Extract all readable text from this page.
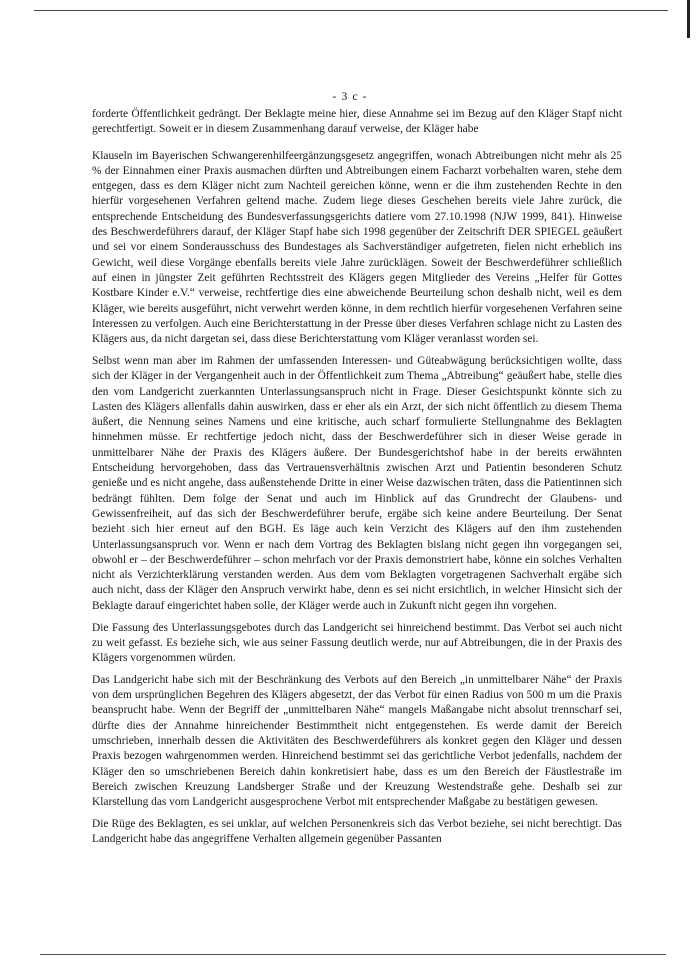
- 3 c -

forderte Öffentlichkeit gedrängt. Der Beklagte meine hier, diese Annahme sei im Bezug auf den Kläger Stapf nicht gerechtfertigt. Soweit er in diesem Zusammenhang darauf verweise, der Kläger habe

Klauseln im Bayerischen Schwangerenhilfeergänzungsgesetz angegriffen, wonach Abtreibungen nicht mehr als 25 % der Einnahmen einer Praxis ausmachen dürften und Abtreibungen einem Facharzt vorbehalten waren, stehe dem entgegen, dass es dem Kläger nicht zum Nachteil gereichen könne, wenn er die ihm zustehenden Rechte in den hierfür vorgesehenen Verfahren geltend mache. Zudem liege dieses Geschehen bereits viele Jahre zurück, die entsprechende Entscheidung des Bundesverfassungsgerichts datiere vom 27.10.1998 (NJW 1999, 841). Hinweise des Beschwerdeführers darauf, der Kläger Stapf habe sich 1998 gegenüber der Zeitschrift DER SPIEGEL geäußert und sei vor einem Sonderausschuss des Bundestages als Sachverständiger aufgetreten, fielen nicht erheblich ins Gewicht, weil diese Vorgänge ebenfalls bereits viele Jahre zurücklägen. Soweit der Beschwerdeführer schließlich auf einen in jüngster Zeit geführten Rechtsstreit des Klägers gegen Mitglieder des Vereins „Helfer für Gottes Kostbare Kinder e.V.“ verweise, rechtfertige dies eine abweichende Beurteilung schon deshalb nicht, weil es dem Kläger, wie bereits ausgeführt, nicht verwehrt werden könne, in dem rechtlich hierfür vorgesehenen Verfahren seine Interessen zu verfolgen. Auch eine Berichterstattung in der Presse über dieses Verfahren schlage nicht zu Lasten des Klägers aus, da nicht dargetan sei, dass diese Berichterstattung vom Kläger veranlasst worden sei.

Selbst wenn man aber im Rahmen der umfassenden Interessen- und Güteabwägung berücksichtigen wollte, dass sich der Kläger in der Vergangenheit auch in der Öffentlichkeit zum Thema „Abtreibung“ geäußert habe, stelle dies den vom Landgericht zuerkannten Unterlassungsanspruch nicht in Frage. Dieser Gesichtspunkt könnte sich zu Lasten des Klägers allenfalls dahin auswirken, dass er eher als ein Arzt, der sich nicht öffentlich zu diesem Thema äußert, die Nennung seines Namens und eine kritische, auch scharf formulierte Stellungnahme des Beklagten hinnehmen müsse. Er rechtfertige jedoch nicht, dass der Beschwerdeführer sich in dieser Weise gerade in unmittelbarer Nähe der Praxis des Klägers äußere. Der Bundesgerichtshof habe in der bereits erwähnten Entscheidung hervorgehoben, dass das Vertrauensverhältnis zwischen Arzt und Patientin besonderen Schutz genieße und es nicht angehe, dass außenstehende Dritte in einer Weise dazwischen träten, dass die Patientinnen sich bedrängt fühlten. Dem folge der Senat und auch im Hinblick auf das Grundrecht der Glaubens- und Gewissenfreiheit, auf das sich der Beschwerdeführer berufe, ergäbe sich keine andere Beurteilung. Der Senat bezieht sich hier erneut auf den BGH. Es läge auch kein Verzicht des Klägers auf den ihm zustehenden Unterlassungsanspruch vor. Wenn er nach dem Vortrag des Beklagten bislang nicht gegen ihn vorgegangen sei, obwohl er – der Beschwerdeführer – schon mehrfach vor der Praxis demonstriert habe, könne ein solches Verhalten nicht als Verzichterklärung verstanden werden. Aus dem vom Beklagten vorgetragenen Sachverhalt ergäbe sich auch nicht, dass der Kläger den Anspruch verwirkt habe, denn es sei nicht ersichtlich, in welcher Hinsicht sich der Beklagte darauf eingerichtet haben solle, der Kläger werde auch in Zukunft nicht gegen ihn vorgehen.

Die Fassung des Unterlassungsgebotes durch das Landgericht sei hinreichend bestimmt. Das Verbot sei auch nicht zu weit gefasst. Es beziehe sich, wie aus seiner Fassung deutlich werde, nur auf Abtreibungen, die in der Praxis des Klägers vorgenommen würden.

Das Landgericht habe sich mit der Beschränkung des Verbots auf den Bereich „in unmittelbarer Nähe“ der Praxis von dem ursprünglichen Begehren des Klägers abgesetzt, der das Verbot für einen Radius von 500 m um die Praxis beansprucht habe. Wenn der Begriff der „unmittelbaren Nähe“ mangels Maßangabe nicht absolut trennscharf sei, dürfte dies der Annahme hinreichender Bestimmtheit nicht entgegenstehen. Es werde damit der Bereich umschrieben, innerhalb dessen die Aktivitäten des Beschwerdeführers als konkret gegen den Kläger und dessen Praxis bezogen wahrgenommen werden. Hinreichend bestimmt sei das gerichtliche Verbot jedenfalls, nachdem der Kläger den so umschriebenen Bereich dahin konkretisiert habe, dass es um den Bereich der Fäustlestraße im Bereich zwischen Kreuzung Landsberger Straße und der Kreuzung Westendstraße gehe. Deshalb sei zur Klarstellung das vom Landgericht ausgesprochene Verbot mit entsprechender Maßgabe zu bestätigen gewesen.

Die Rüge des Beklagten, es sei unklar, auf welchen Personenkreis sich das Verbot beziehe, sei nicht berechtigt. Das Landgericht habe das angegriffene Verhalten allgemein gegenüber Passanten
